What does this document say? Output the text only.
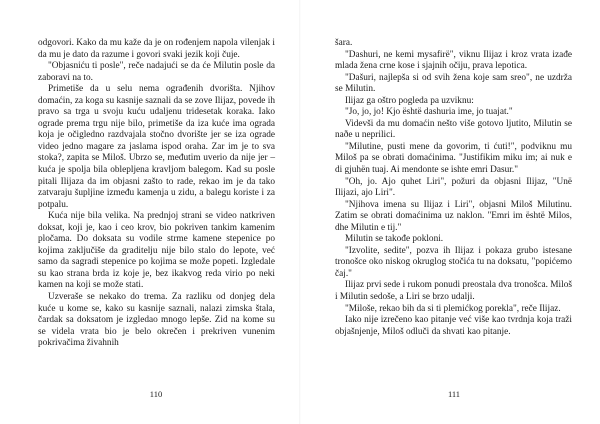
odgovori. Kako da mu kaže da je on rođenjem napola vilenjak i da mu je dato da razume i govori svaki jezik koji čuje.

"Objasniću ti posle", reče nadajući se da će Milutin posle da zaboravi na to.

Primetiše da u selu nema ograđenih dvorišta. Njihov domaćin, za koga su kasnije saznali da se zove Ilijaz, povede ih pravo sa trga u svoju kuću udaljenu tridesetak koraka. Iako ograde prema trgu nije bilo, primetiše da iza kuće ima ograda koja je očigledno razdvajala stočno dvorište jer se iza ograde video jedno magare za jaslama ispod oraha. Zar im je to sva stoka?, zapita se Miloš. Ubrzo se, međutim uverio da nije jer – kuća je spolja bila oblepljena kravljom balegom. Kad su posle pitali Ilijaza da im objasni zašto to rade, rekao im je da tako zatvaraju šupljine između kamenja u zidu, a balegu koriste i za potpalu.

Kuća nije bila velika. Na prednjoj strani se video natkriven doksat, koji je, kao i ceo krov, bio pokriven tankim kamenim pločama. Do doksata su vodile strme kamene stepenice po kojima zaključiše da graditelju nije bilo stalo do lepote, već samo da sagradi stepenice po kojima se može popeti. Izgledale su kao strana brda iz koje je, bez ikakvog reda virio po neki kamen na koji se može stati.

Uzveraše se nekako do trema. Za razliku od donjeg dela kuće u kome se, kako su kasnije saznali, nalazi zimska štala, čardak sa doksatom je izgledao mnogo lepše. Zid na kome su se videla vrata bio je belo okrečen i prekriven vunenim pokrivačima živahnih

110

šara.

"Dashuri, ne kemi mysafirë", viknu Ilijaz i kroz vrata izađe mlada žena crne kose i sjajnih očiju, prava lepotica.

"Dašuri, najlepša si od svih žena koje sam sreo", ne uzdrža se Milutin.

Ilijaz ga oštro pogleda pa uzviknu:

"Jo, jo, jo! Kjo është dashuria ime, jo tuajat."

Videvši da mu domaćin nešto više gotovo ljutito, Milutin se naðe u neprilici.

"Milutine, pusti mene da govorim, ti ćuti!", podviknu mu Miloš pa se obrati domaćinima. "Justifikim miku im; ai nuk e di gjuhën tuaj. Ai mendonte se ishte emri Dasur."

"Oh, jo. Ajo quhet Liri", požuri da objasni Ilijaz, "Unë Ilijazi, ajo Liri".

"Njihova imena su Ilijaz i Liri", objasni Miloš Milutinu. Zatim se obrati domaćinima uz naklon. "Emri im është Milos, dhe Milutin e tij."

Milutin se takođe pokloni.

"Izvolite, sedite", pozva ih Ilijaz i pokaza grubo istesane tronošce oko niskog okruglog stočića tu na doksatu, "popićemo čaj."

Ilijaz prvi sede i rukom ponudi preostala dva tronošca. Miloš i Milutin sedoše, a Liri se brzo udalji.

"Miloše, rekao bih da si ti plemićkog porekla", reče Ilijaz.

Iako nije izrečeno kao pitanje već više kao tvrdnja koja traži objašnjenje, Miloš odluči da shvati kao pitanje.

111
